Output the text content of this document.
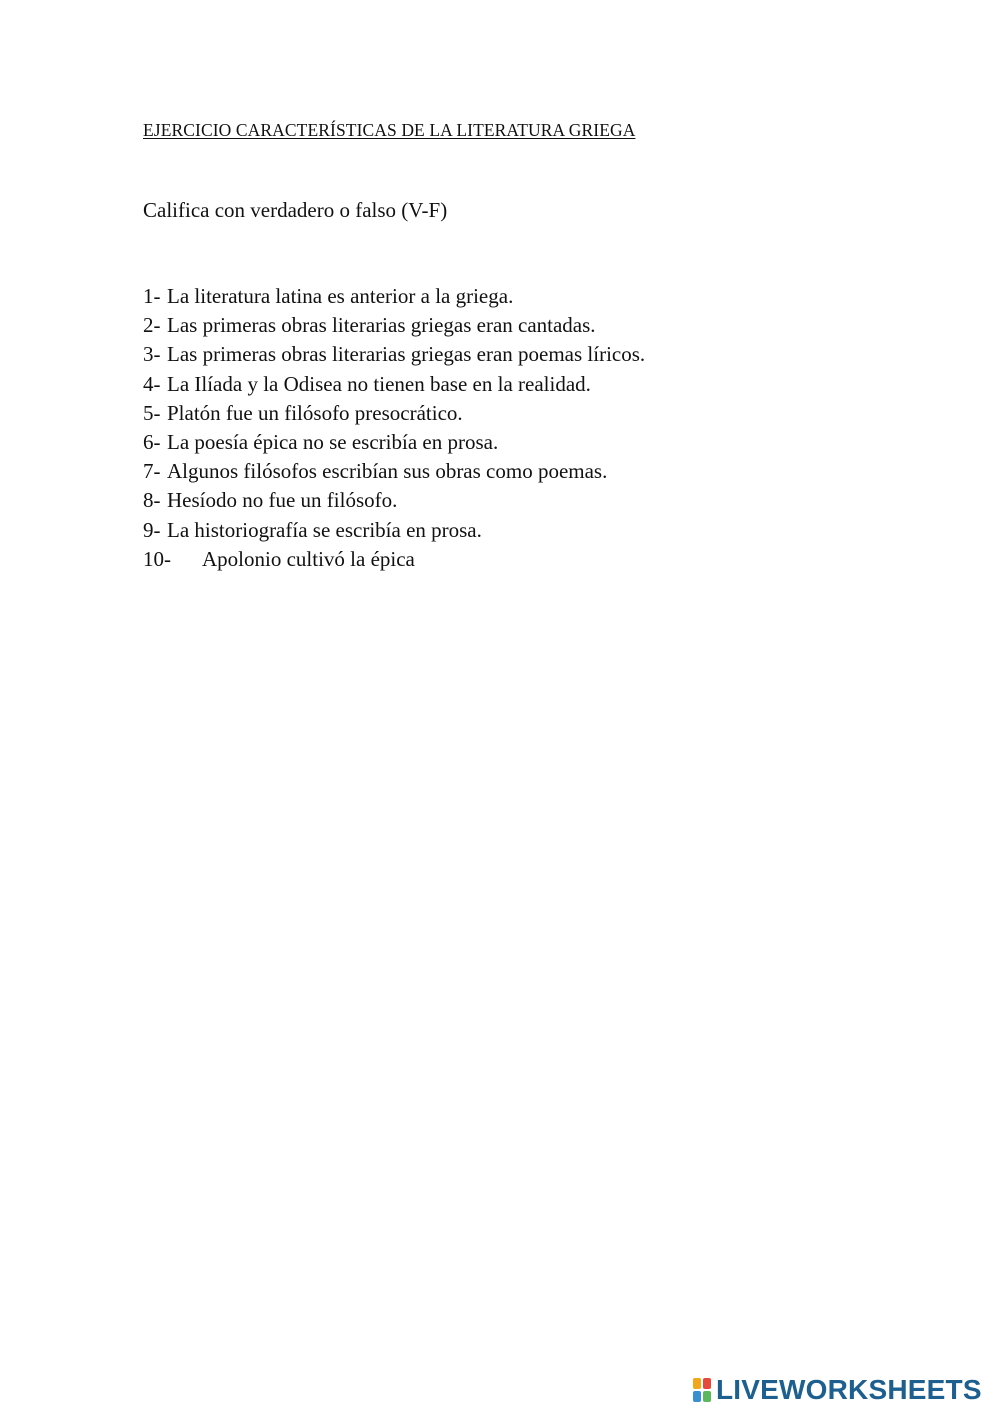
EJERCICIO CARACTERÍSTICAS DE LA LITERATURA GRIEGA
Califica con verdadero o falso (V-F)
1- La literatura latina es anterior a la griega.
2- Las primeras obras literarias griegas eran cantadas.
3- Las primeras obras literarias griegas eran poemas líricos.
4- La Ilíada y la Odisea no tienen base en la realidad.
5- Platón fue un filósofo presocrático.
6- La poesía épica no se escribía en prosa.
7- Algunos filósofos escribían sus obras como poemas.
8- Hesíodo no fue un filósofo.
9- La historiografía se escribía en prosa.
10-	Apolonio cultivó la épica
LIVEWORKSHEETS
